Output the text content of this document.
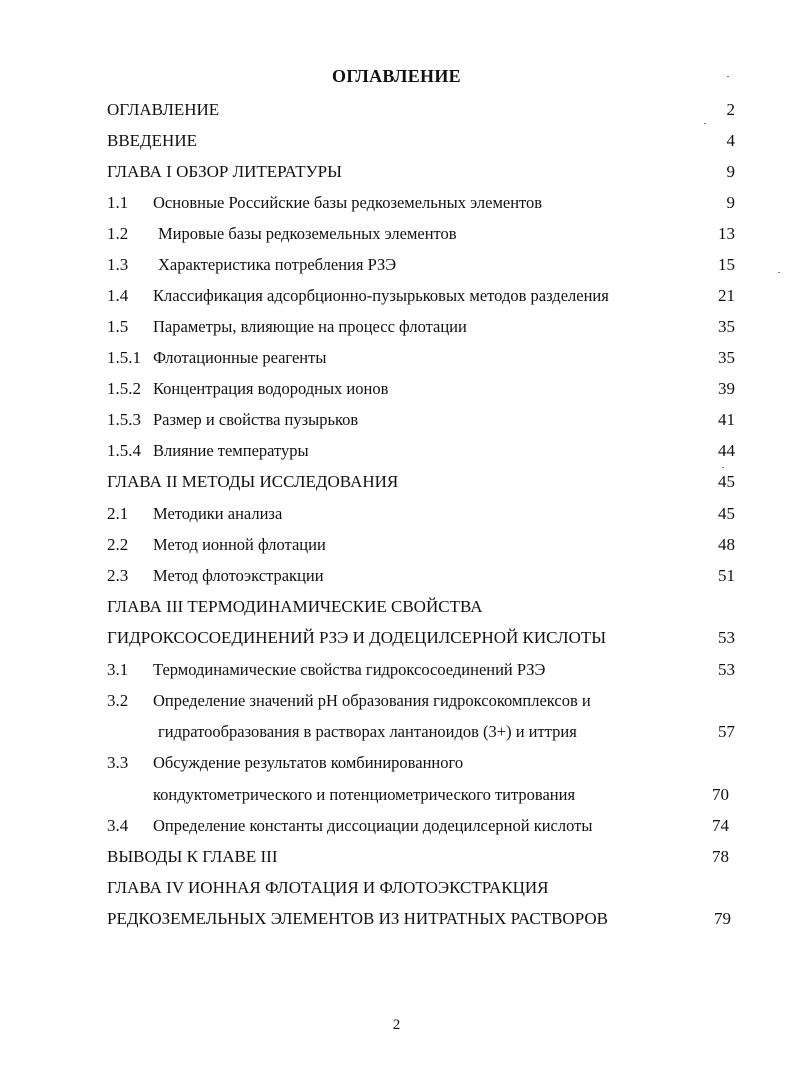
ОГЛАВЛЕНИЕ
ОГЛАВЛЕНИЕ	2
ВВЕДЕНИЕ	4
ГЛАВА I ОБЗОР ЛИТЕРАТУРЫ	9
1.1 Основные Российские базы редкоземельных элементов	9
1.2 Мировые базы редкоземельных элементов	13
1.3 Характеристика потребления РЗЭ	15
1.4 Классификация адсорбционно-пузырьковых методов разделения	21
1.5 Параметры, влияющие на процесс флотации	35
1.5.1 Флотационные реагенты	35
1.5.2 Концентрация водородных ионов	39
1.5.3 Размер и свойства пузырьков	41
1.5.4 Влияние температуры	44
ГЛАВА II МЕТОДЫ ИССЛЕДОВАНИЯ	45
2.1 Методики анализа	45
2.2 Метод ионной флотации	48
2.3 Метод флотоэкстракции	51
ГЛАВА III ТЕРМОДИНАМИЧЕСКИЕ СВОЙСТВА
ГИДРОКСОСОЕДИНЕНИЙ РЗЭ И ДОДЕЦИЛСЕРНОЙ КИСЛОТЫ	53
3.1 Термодинамические свойства гидроксосоединений РЗЭ	53
3.2 Определение значений рН образования гидроксокомплексов и
гидратообразования в растворах лантаноидов (3+) и иттрия	57
3.3 Обсуждение результатов комбинированного
кондуктометрического и потенциометрического титрования	70
3.4 Определение константы диссоциации додецилсерной кислоты	74
ВЫВОДЫ К ГЛАВЕ III	78
ГЛАВА IV ИОННАЯ ФЛОТАЦИЯ И ФЛОТОЭКСТРАКЦИЯ
РЕДКОЗЕМЕЛЬНЫХ ЭЛЕМЕНТОВ ИЗ НИТРАТНЫХ РАСТВОРОВ	79
2
